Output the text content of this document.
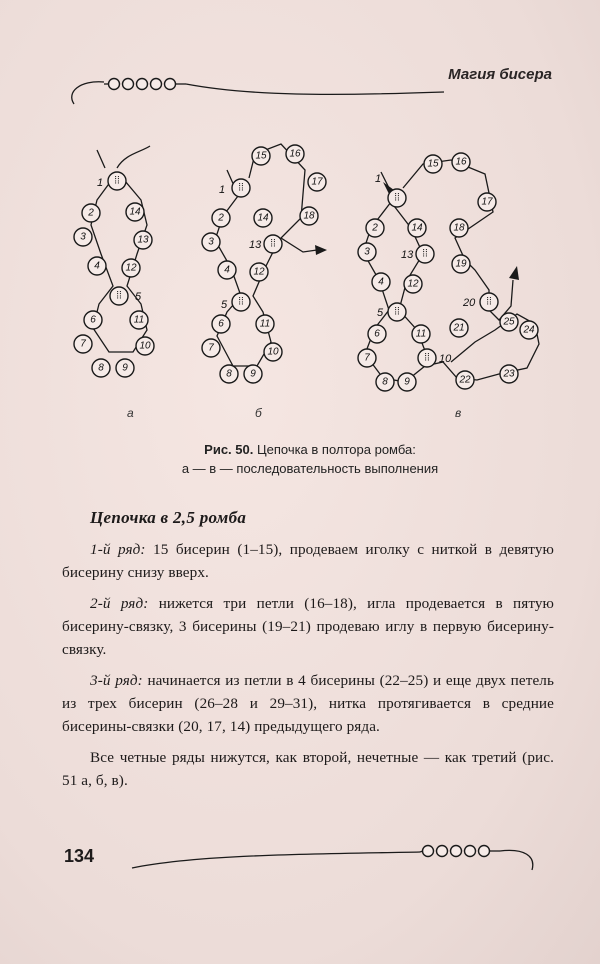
Магия бисера
⁞⁞
⁞⁞
1
5
2
3
4
6
7
8 9
10
11
12
13
14
⁞⁞
⁞⁞
⁞⁞
1
5
13
2
3
4
6
7
8 9
10
11
12
14
15 16
17
18
⁞⁞
⁞⁞
⁞⁞
⁞⁞
⁞⁞
1
5
10
13
20
2
3
4
6
7
8 9
11
12
14
15 16
17
18
19
21
22
23
24
25
а	б	в
Рис. 50. Цепочка в полтора ромба:
а — в — последовательность выполнения
Цепочка в 2,5 ромба

1-й ряд: 15 бисерин (1–15), продеваем иголку с ниткой в девятую бисерину снизу вверх.

2-й ряд: нижется три петли (16–18), игла продевается в пятую бисерину-связку, 3 бисерины (19–21) продеваю иглу в первую бисерину-связку.

3-й ряд: начинается из петли в 4 бисерины (22–25) и еще двух петель из трех бисерин (26–28 и 29–31), нитка протягивается в средние бисерины-связки (20, 17, 14) предыдущего ряда.

Все четные ряды нижутся, как второй, нечетные — как третий (рис. 51 а, б, в).

134
